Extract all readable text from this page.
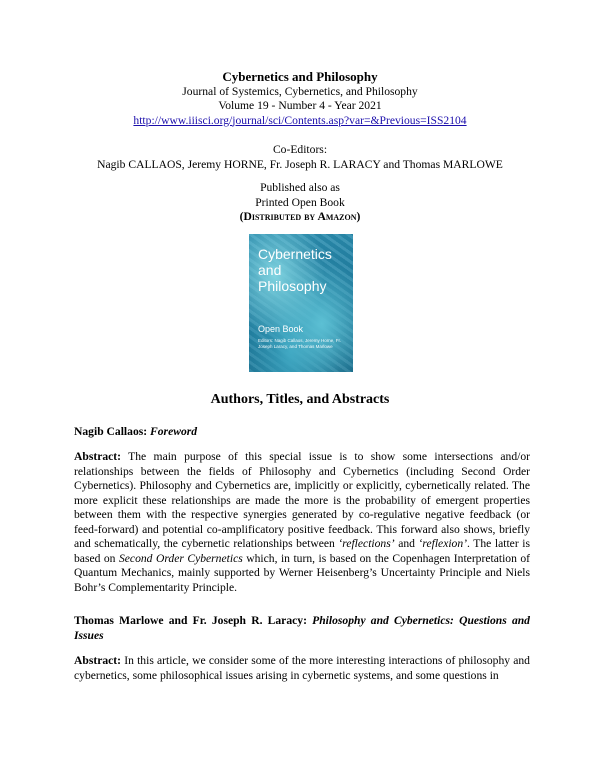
Cybernetics and Philosophy
Journal of Systemics, Cybernetics, and Philosophy
Volume 19 - Number 4 - Year 2021
http://www.iiisci.org/journal/sci/Contents.asp?var=&Previous=ISS2104
Co-Editors:
Nagib CALLAOS, Jeremy HORNE, Fr. Joseph R. LARACY and Thomas MARLOWE
Published also as
Printed Open Book
(Distributed by Amazon)
Cybernetics
and
Philosophy
Open Book
Editors: Nagib Callaos, Jeremy Horne, Fr. Joseph Laracy, and Thomas Marlowe
Authors, Titles, and Abstracts
Nagib Callaos: Foreword
Abstract: The main purpose of this special issue is to show some intersections and/or relationships between the fields of Philosophy and Cybernetics (including Second Order Cybernetics). Philosophy and Cybernetics are, implicitly or explicitly, cybernetically related. The more explicit these relationships are made the more is the probability of emergent properties between them with the respective synergies generated by co-regulative negative feedback (or feed-forward) and potential co-amplificatory positive feedback. This forward also shows, briefly and schematically, the cybernetic relationships between ‘reflections’ and ‘reflexion’. The latter is based on Second Order Cybernetics which, in turn, is based on the Copenhagen Interpretation of Quantum Mechanics, mainly supported by Werner Heisenberg’s Uncertainty Principle and Niels Bohr’s Complementarity Principle.
Thomas Marlowe and Fr. Joseph R. Laracy: Philosophy and Cybernetics: Questions and Issues
Abstract: In this article, we consider some of the more interesting interactions of philosophy and cybernetics, some philosophical issues arising in cybernetic systems, and some questions in
